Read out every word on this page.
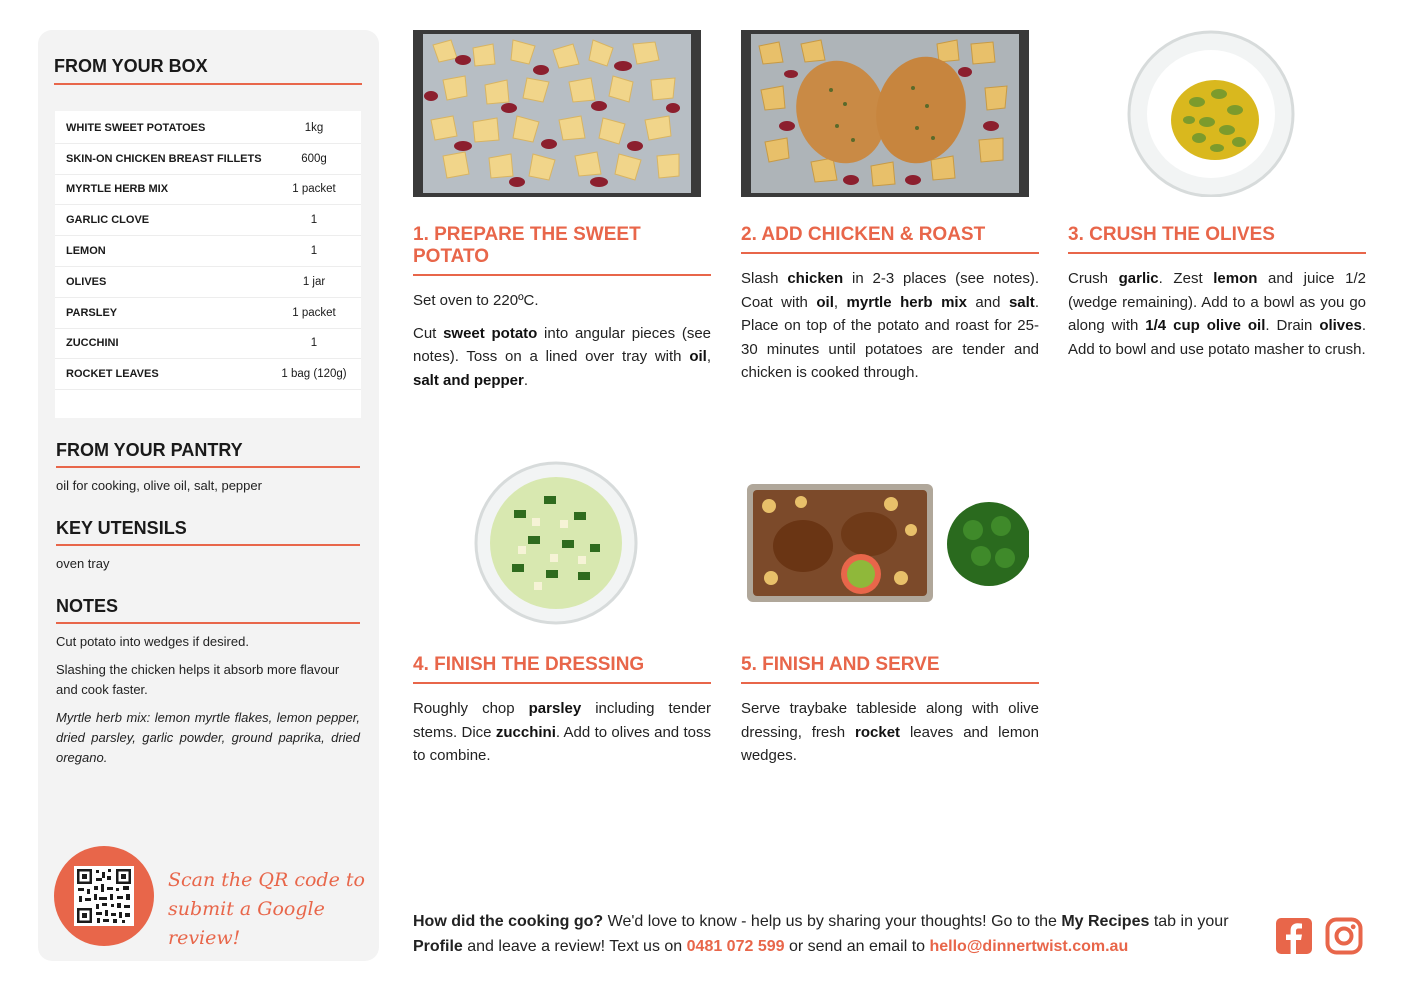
FROM YOUR BOX
WHITE SWEET POTATOES	1kg
SKIN-ON CHICKEN BREAST FILLETS	600g
MYRTLE HERB MIX	1 packet
GARLIC CLOVE	1
LEMON	1
OLIVES	1 jar
PARSLEY	1 packet
ZUCCHINI	1
ROCKET LEAVES	1 bag (120g)
FROM YOUR PANTRY
oil for cooking, olive oil, salt, pepper
KEY UTENSILS
oven tray
NOTES
Cut potato into wedges if desired.
Slashing the chicken helps it absorb more flavour and cook faster.
Myrtle herb mix: lemon myrtle flakes, lemon pepper, dried parsley, garlic powder, ground paprika, dried oregano.
Scan the QR code to
submit a Google review!
1. PREPARE THE SWEET POTATO

Set oven to 220ºC.

Cut sweet potato into angular pieces (see notes). Toss on a lined over tray with oil, salt and pepper.

2. ADD CHICKEN & ROAST

Slash chicken in 2-3 places (see notes). Coat with oil, myrtle herb mix and salt. Place on top of the potato and roast for 25-30 minutes until potatoes are tender and chicken is cooked through.

3. CRUSH THE OLIVES

Crush garlic. Zest lemon and juice 1/2 (wedge remaining). Add to a bowl as you go along with 1/4 cup olive oil. Drain olives. Add to bowl and use potato masher to crush.

4. FINISH THE DRESSING

Roughly chop parsley including tender stems. Dice zucchini. Add to olives and toss to combine.

5. FINISH AND SERVE

Serve traybake tableside along with olive dressing, fresh rocket leaves and lemon wedges.

How did the cooking go? We'd love to know - help us by sharing your thoughts! Go to the My Recipes tab in your Profile and leave a review! Text us on 0481 072 599 or send an email to hello@dinnertwist.com.au
